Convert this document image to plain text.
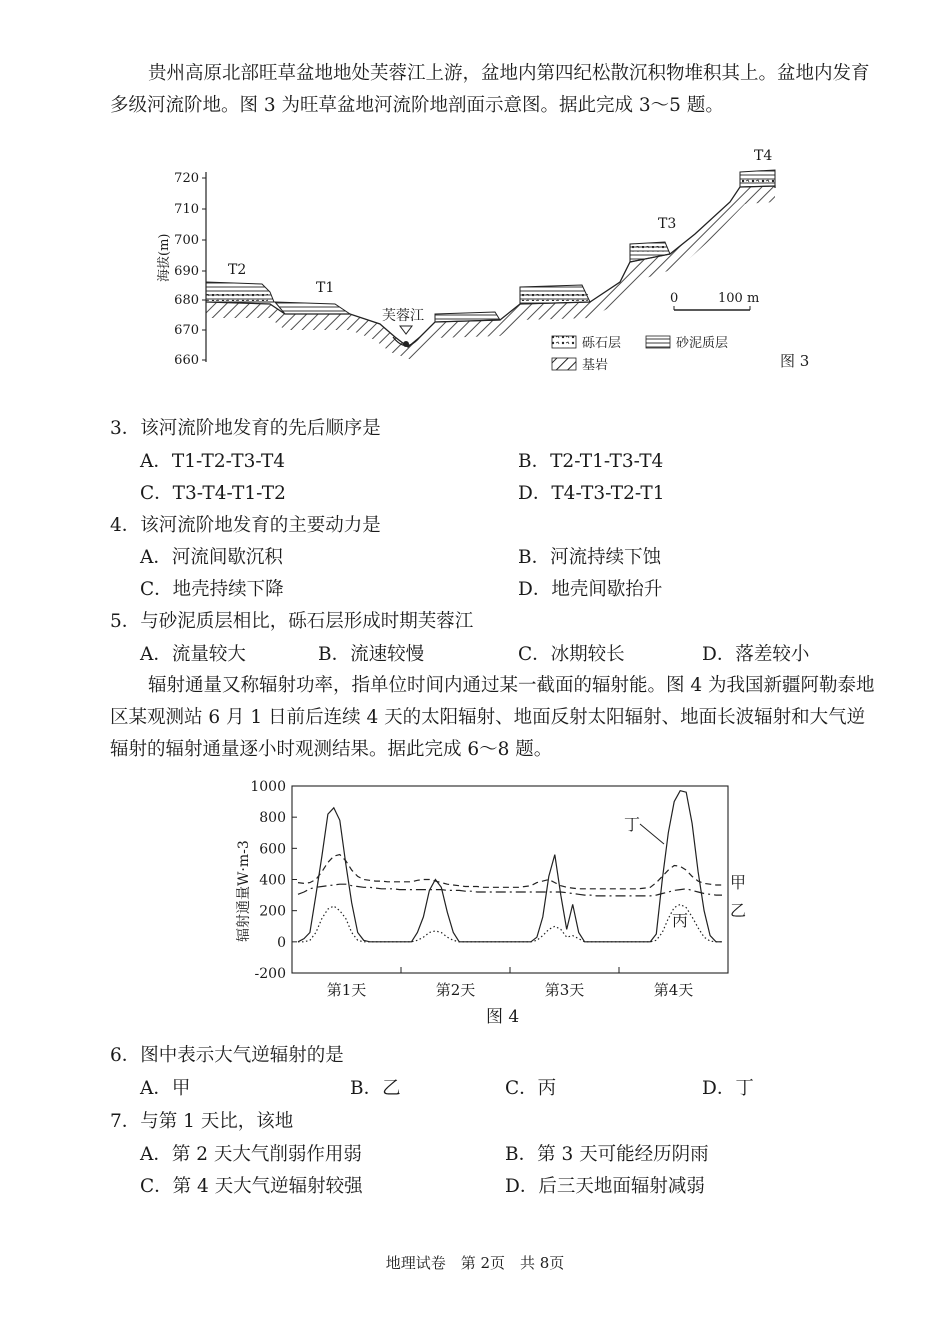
贵州高原北部旺草盆地地处芙蓉江上游，盆地内第四纪松散沉积物堆积其上。盆地内发育多级河流阶地。图 3 为旺草盆地河流阶地剖面示意图。据此完成 3～5 题。
720
710
700
690
680
670
660
海拔(m)	T2
T1
芙蓉江
T3
T4
0	100 m
砾石层	砂泥质层
基岩	图 3
3．该河流阶地发育的先后顺序是
A．T1-T2-T3-T4	B．T2-T1-T3-T4
C．T3-T4-T1-T2	D．T4-T3-T2-T1
4．该河流阶地发育的主要动力是
A．河流间歇沉积	B．河流持续下蚀
C．地壳持续下降	D．地壳间歇抬升
5．与砂泥质层相比，砾石层形成时期芙蓉江
A．流量较大	B．流速较慢	C．冰期较长	D．落差较小
辐射通量又称辐射功率，指单位时间内通过某一截面的辐射能。图 4 为我国新疆阿勒泰地区某观测站 6 月 1 日前后连续 4 天的太阳辐射、地面反射太阳辐射、地面长波辐射和大气逆辐射的辐射通量逐小时观测结果。据此完成 6～8 题。
1000
800
600
400
200
0
-200
第1天	第2天	第3天	第4天
辐射通量W·m-3
丁
甲
乙
丙
图 4
6．图中表示大气逆辐射的是
A．甲	B．乙	C．丙	D．丁
7．与第 1 天比，该地
A．第 2 天大气削弱作用弱	B．第 3 天可能经历阴雨
C．第 4 天大气逆辐射较强	D．后三天地面辐射减弱
地理试卷　第 2页　共 8页
